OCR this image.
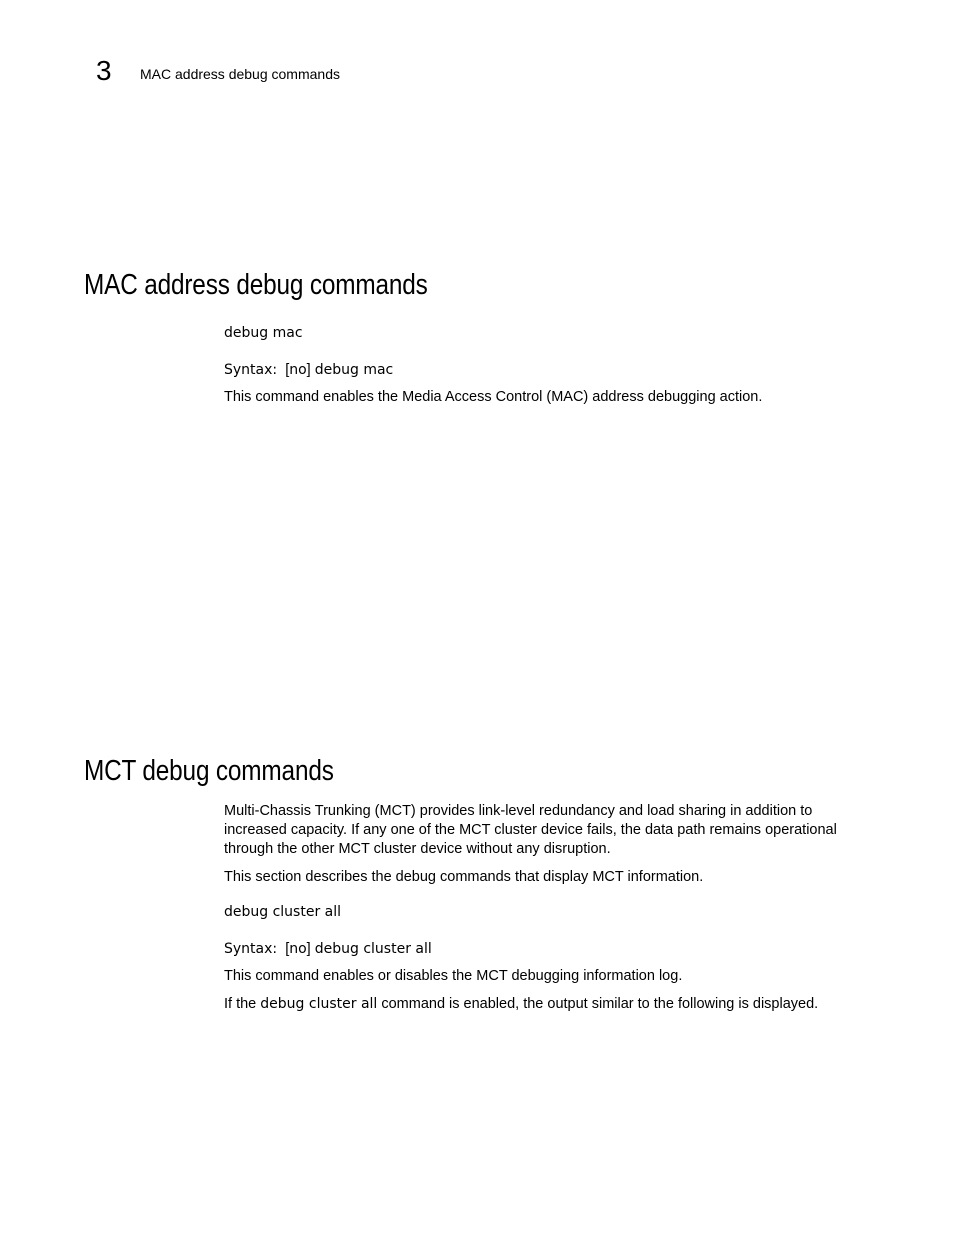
3 MAC address debug commands
MAC address debug commands
debug mac
Syntax: [no] debug mac

This command enables the Media Access Control (MAC) address debugging action.

MCT debug commands
Multi-Chassis Trunking (MCT) provides link-level redundancy and load sharing in addition to
increased capacity. If any one of the MCT cluster device fails, the data path remains operational
through the other MCT cluster device without any disruption.

This section describes the debug commands that display MCT information.

debug cluster all
Syntax: [no] debug cluster all

This command enables or disables the MCT debugging information log.

If the debug cluster all command is enabled, the output similar to the following is displayed.
